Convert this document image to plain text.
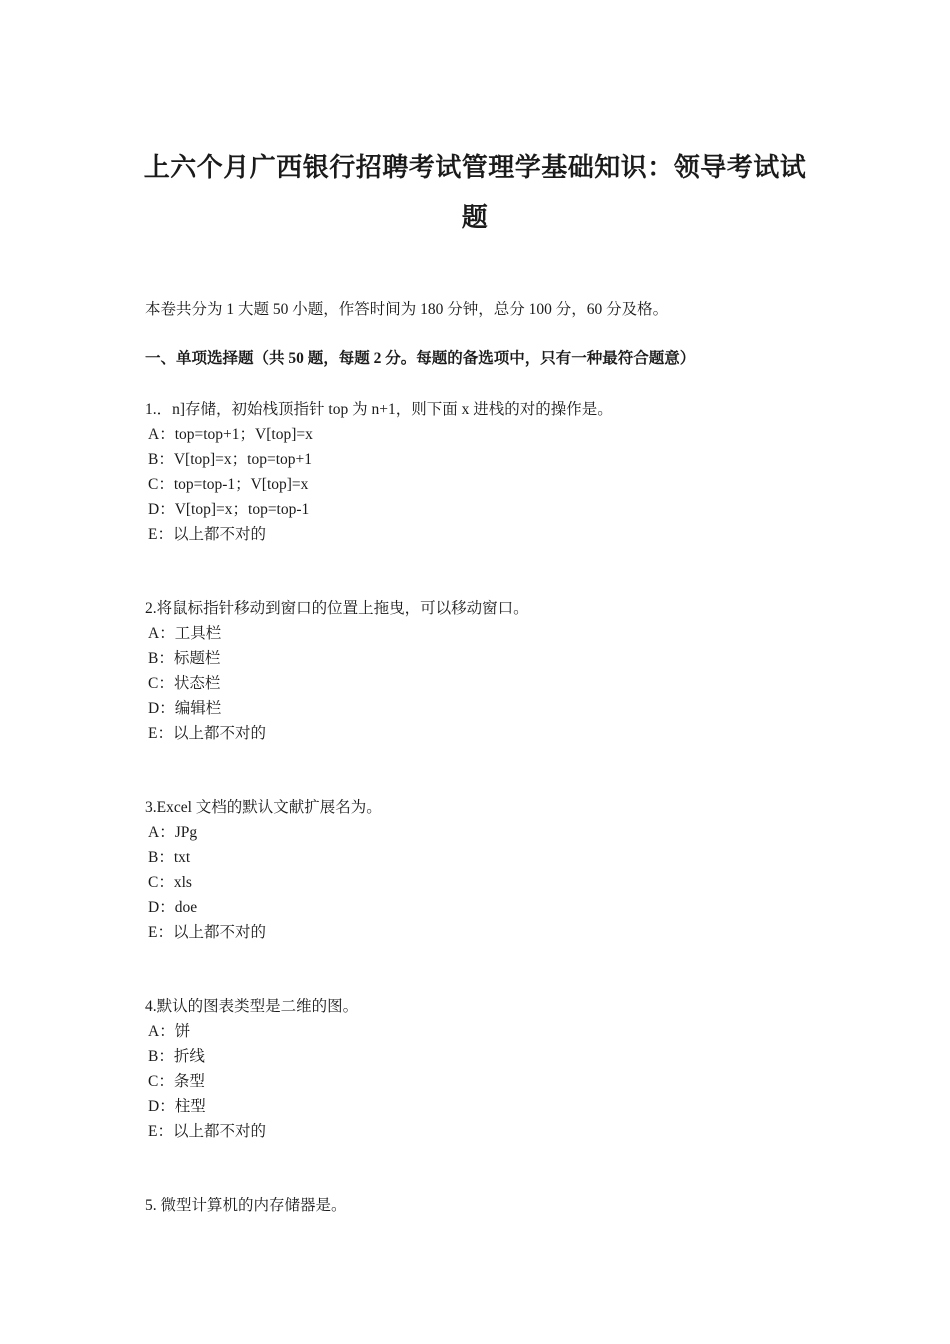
上六个月广西银行招聘考试管理学基础知识：领导考试试
题
本卷共分为 1 大题 50 小题，作答时间为 180 分钟，总分 100 分，60 分及格。
一、单项选择题（共 50 题，每题 2 分。每题的备选项中，只有一种最符合题意）
1.．n]存储，初始栈顶指针 top 为 n+1，则下面 x 进栈的对的操作是。
A：top=top+1；V[top]=x
B：V[top]=x；top=top+1
C：top=top-1；V[top]=x
D：V[top]=x；top=top-1
E：以上都不对的
2.将鼠标指针移动到窗口的位置上拖曳，可以移动窗口。
A：工具栏
B：标题栏
C：状态栏
D：编辑栏
E：以上都不对的
3.Excel 文档的默认文献扩展名为。
A：JPg
B：txt
C：xls
D：doe
E：以上都不对的
4.默认的图表类型是二维的图。
A：饼
B：折线
C：条型
D：柱型
E：以上都不对的
5. 微型计算机的内存储器是。
